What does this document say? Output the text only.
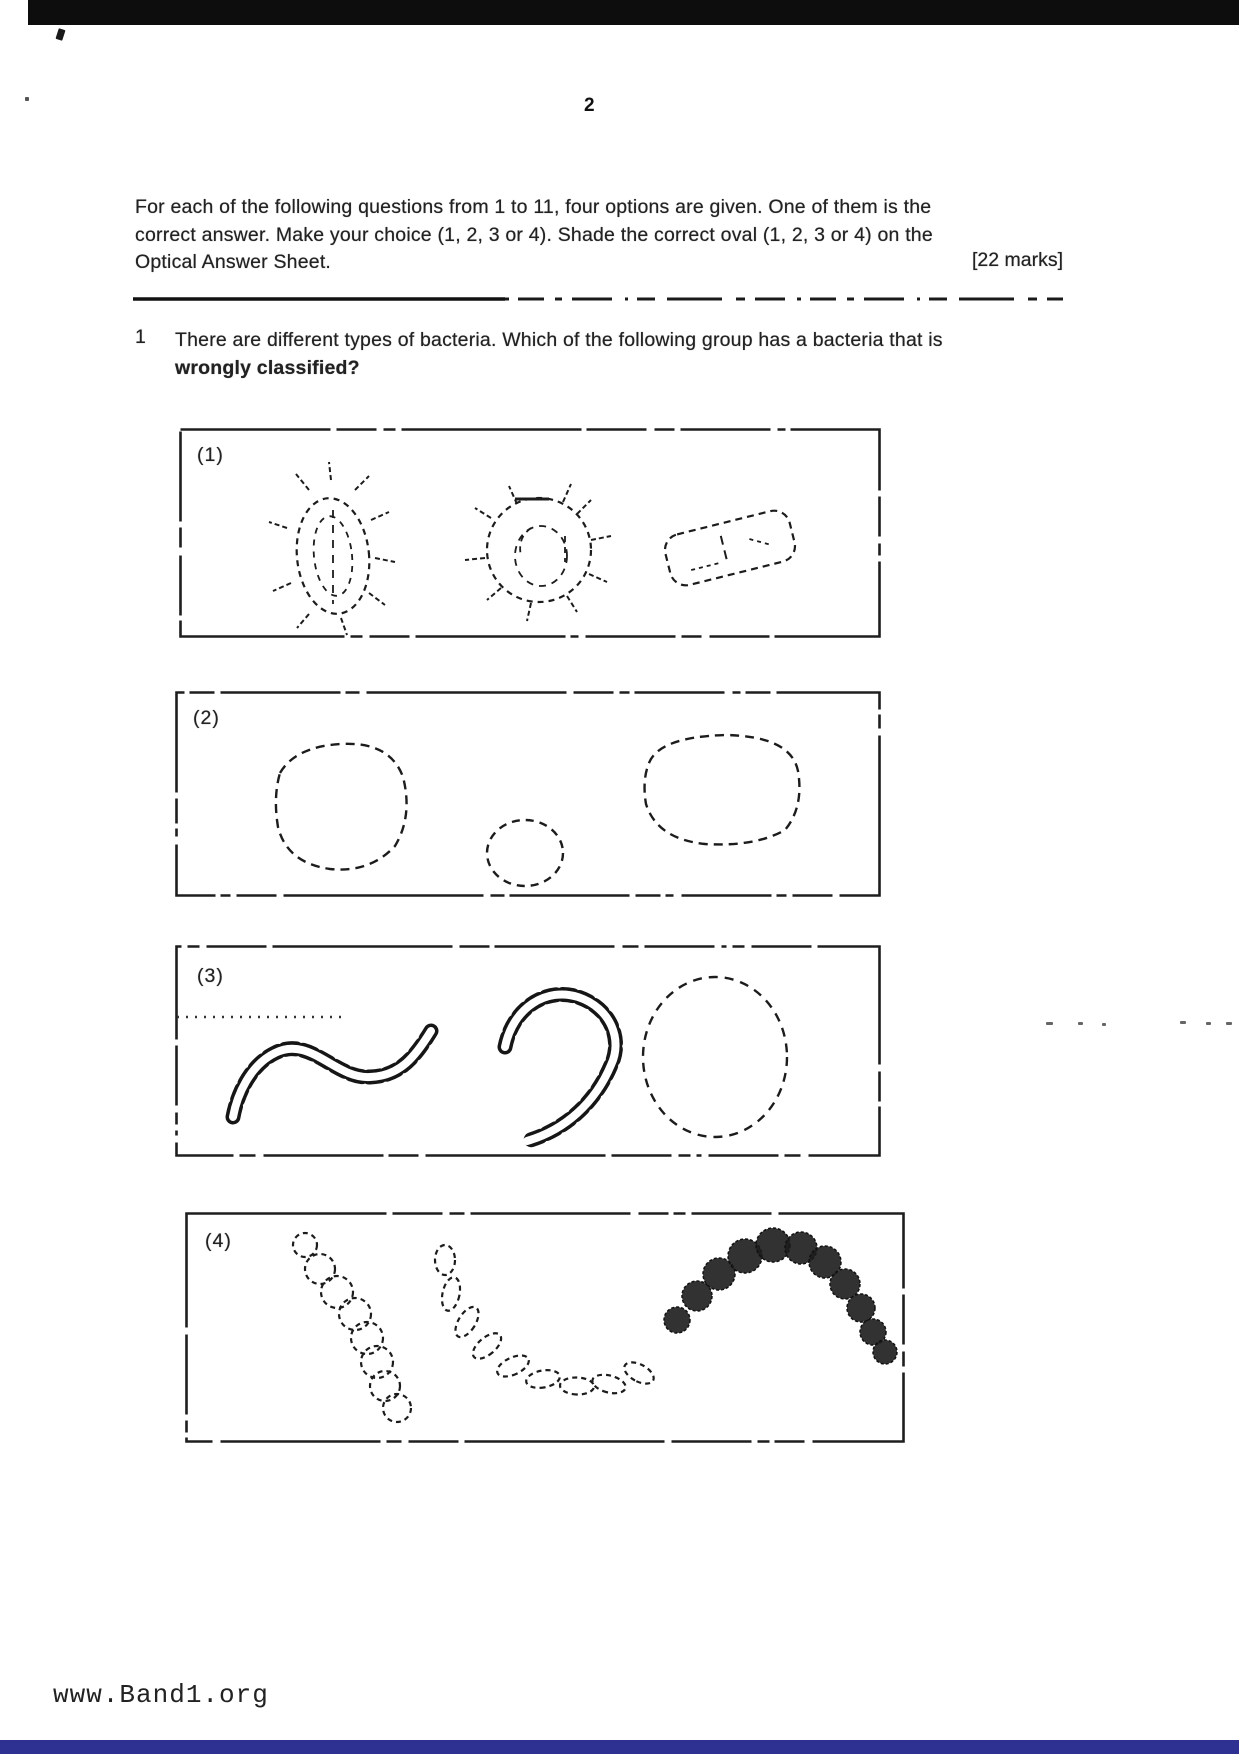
2
For each of the following questions from 1 to 11, four options are given. One of them is the
correct answer. Make your choice (1, 2, 3 or 4). Shade the correct oval (1, 2, 3 or 4) on the
Optical Answer Sheet.	[22 marks]
1 There are different types of bacteria. Which of the following group has a bacteria that is
wrongly classified?
(1)
(2)
(3)
(4)
www.Band1.org
